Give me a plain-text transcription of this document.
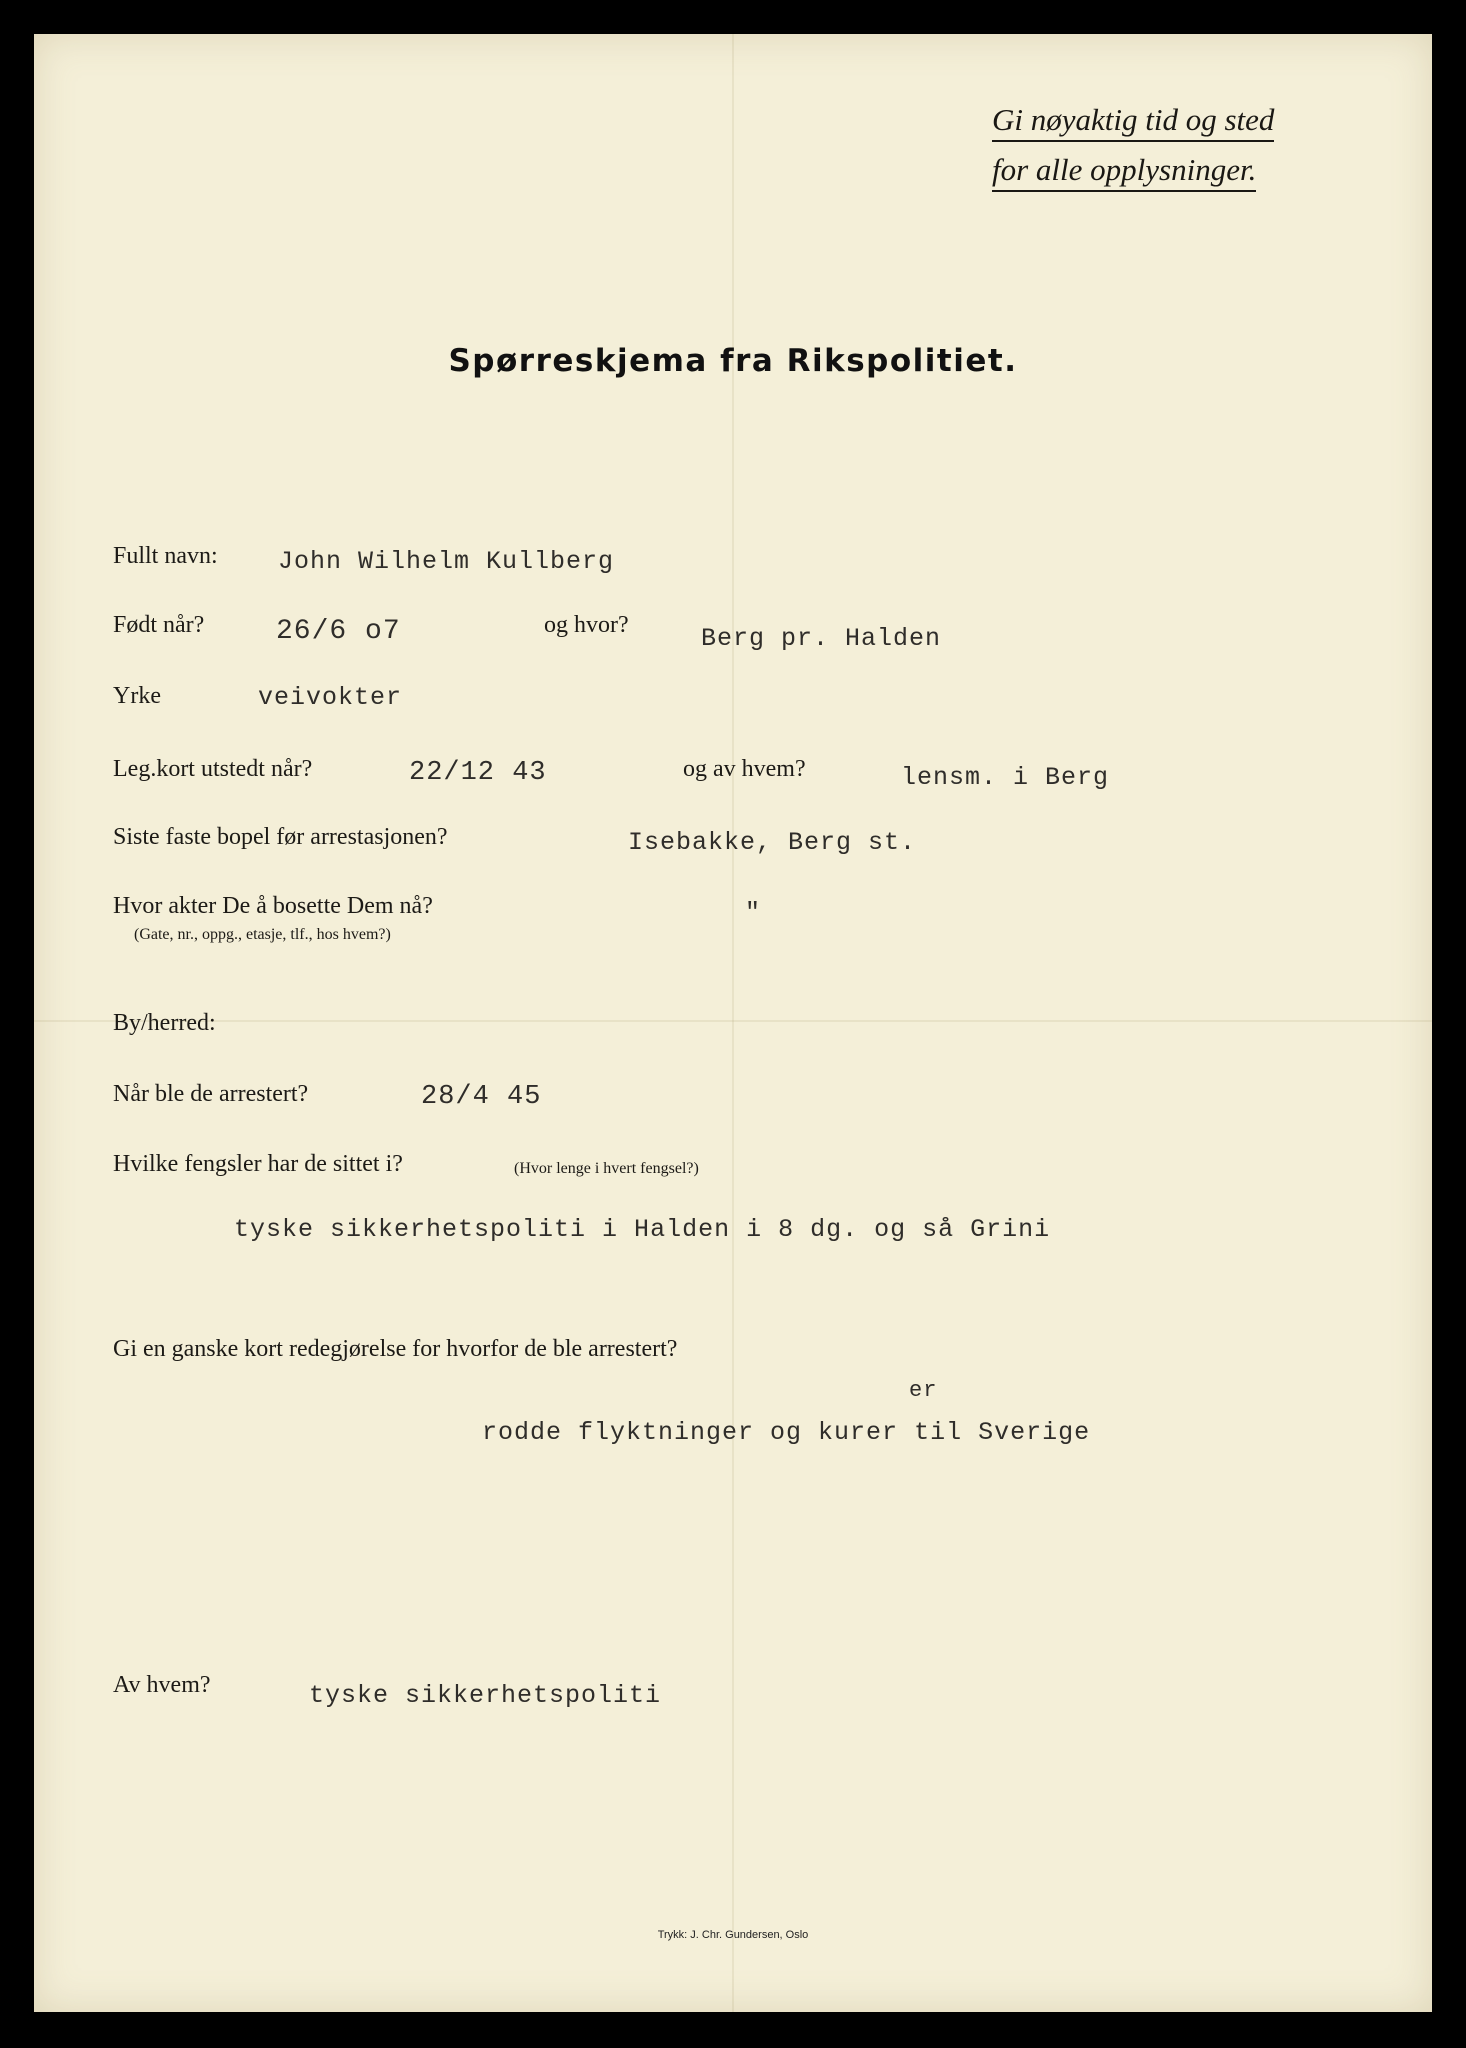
Gi nøyaktig tid og sted
for alle opplysninger.
Spørreskjema fra Rikspolitiet.
Fullt navn: John Wilhelm Kullberg
Født når?	26/6 o7	og hvor?	Berg pr. Halden
Yrke	veivokter
Leg.kort utstedt når?	22/12 43	og av hvem?	lensm. i Berg
Siste faste bopel før arrestasjonen?	Isebakke, Berg st.
Hvor akter De å bosette Dem nå?
(Gate, nr., oppg., etasje, tlf., hos hvem?)
"
By/herred:
Når ble de arrestert?	28/4 45
Hvilke fengsler har de sittet i?	(Hvor lenge i hvert fengsel?)
tyske sikkerhetspoliti i Halden i 8 dg. og så Grini
Gi en ganske kort redegjørelse for hvorfor de ble arrestert?
er
rodde flyktninger og kurer til Sverige
Av hvem?	tyske sikkerhetspoliti
Trykk: J. Chr. Gundersen, Oslo
